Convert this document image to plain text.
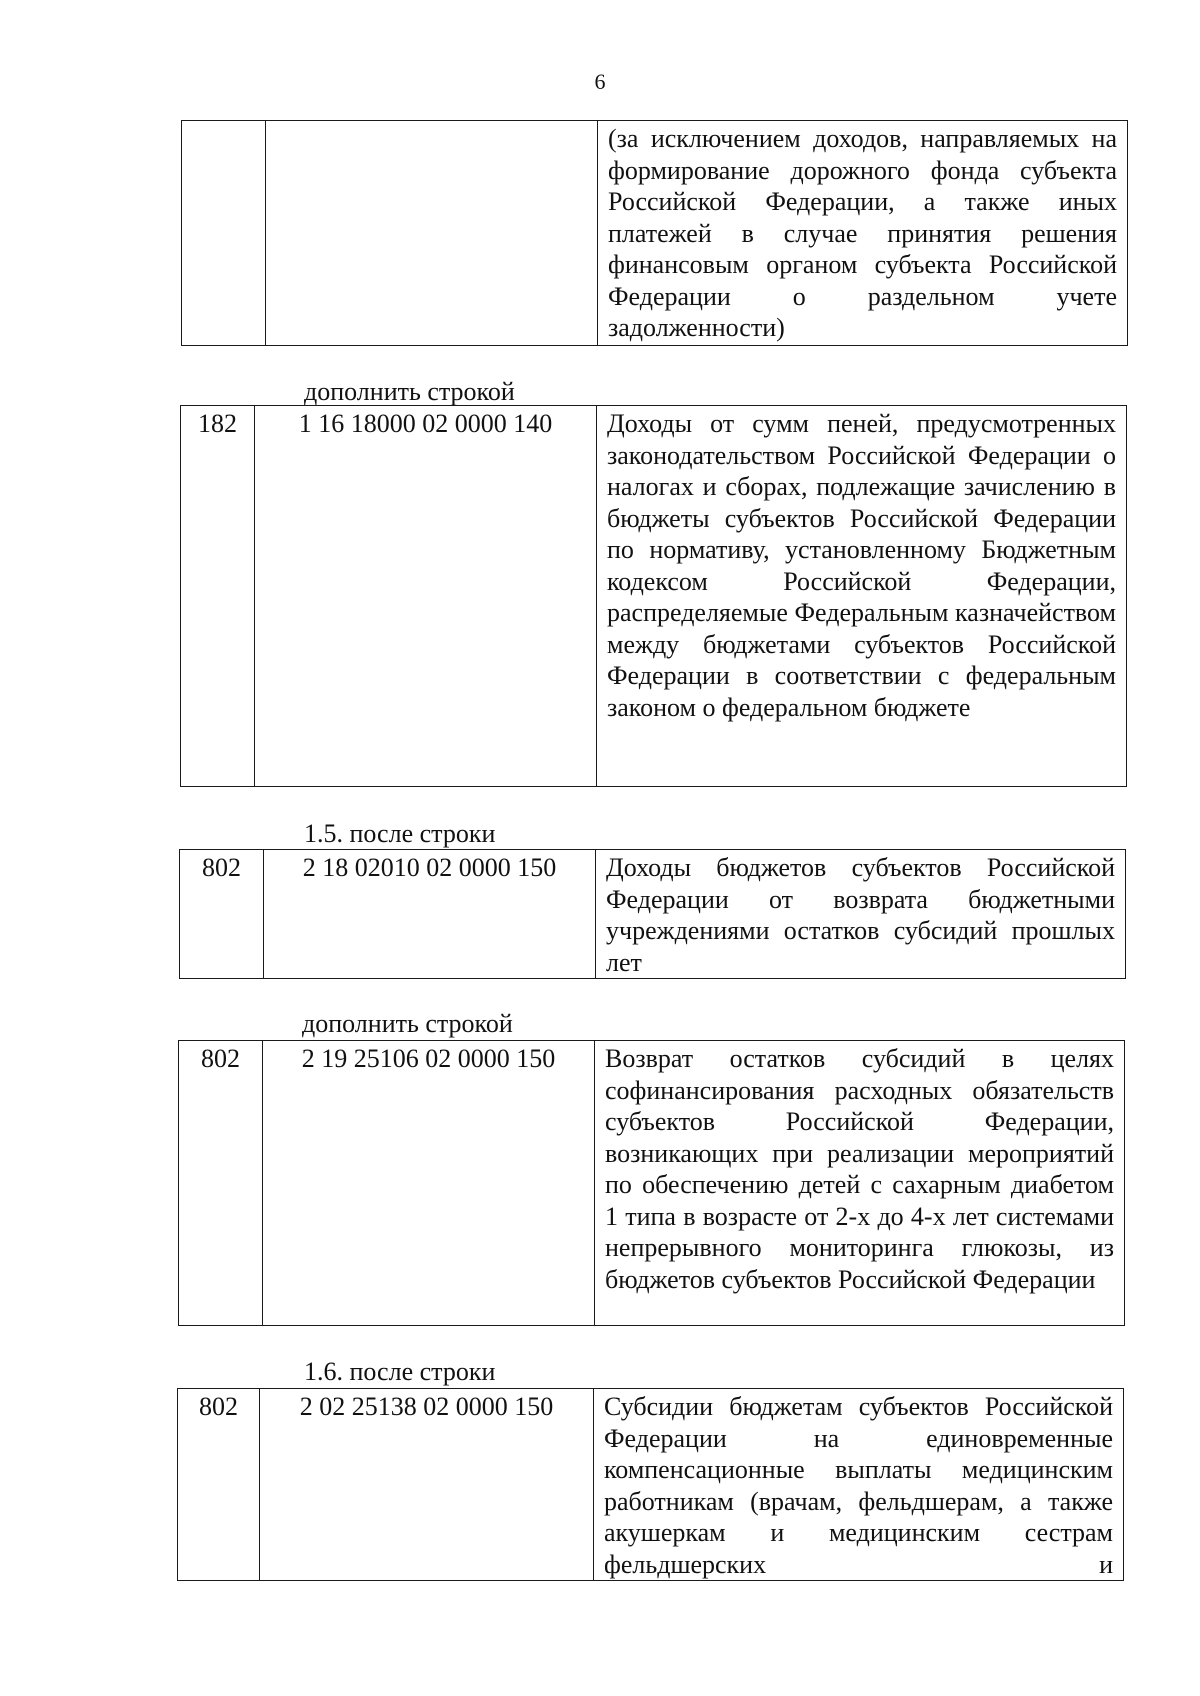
6
		(за исключением доходов, направляемых на формирование дорожного фонда субъекта Российской Федерации, а также иных платежей в случае принятия решения финансовым органом субъекта Российской Федерации о раздельном учете задолженности)
дополнить строкой
182	1 16 18000 02 0000 140	Доходы от сумм пеней, предусмотренных законодательством Российской Федерации о налогах и сборах, подлежащие зачислению в бюджеты субъектов Российской Федерации по нормативу, установленному Бюджетным кодексом Российской Федерации, распределяемые Федеральным казначейством между бюджетами субъектов Российской Федерации в соответствии с федеральным законом о федеральном бюджете
1.5. после строки
802	2 18 02010 02 0000 150	Доходы бюджетов субъектов Российской Федерации от возврата бюджетными учреждениями остатков субсидий прошлых лет
дополнить строкой
802	2 19 25106 02 0000 150	Возврат остатков субсидий в целях софинансирования расходных обязательств субъектов Российской Федерации, возникающих при реализации мероприятий по обеспечению детей с сахарным диабетом 1 типа в возрасте от 2-х до 4-х лет системами непрерывного мониторинга глюкозы, из бюджетов субъектов Российской Федерации
1.6. после строки
802	2 02 25138 02 0000 150	Субсидии бюджетам субъектов Российской Федерации на единовременные компенсационные выплаты медицинским работникам (врачам, фельдшерам, а также акушеркам и медицинским сестрам фельдшерских и
